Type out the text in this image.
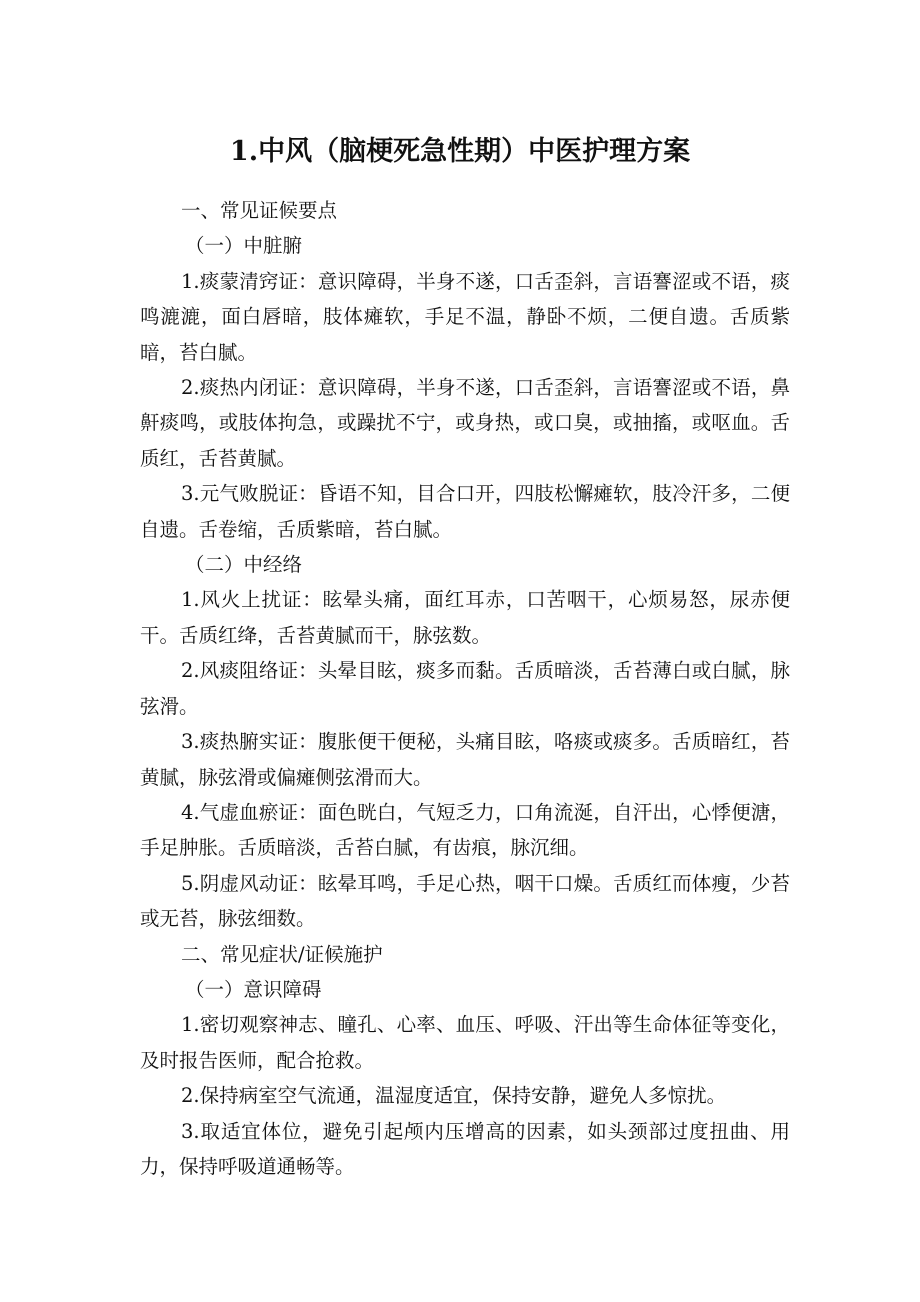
1.中风（脑梗死急性期）中医护理方案

一、常见证候要点

（一）中脏腑

1.痰蒙清窍证：意识障碍，半身不遂，口舌歪斜，言语謇涩或不语，痰鸣漉漉，面白唇暗，肢体瘫软，手足不温，静卧不烦，二便自遗。舌质紫暗，苔白腻。

2.痰热内闭证：意识障碍，半身不遂，口舌歪斜，言语謇涩或不语，鼻鼾痰鸣，或肢体拘急，或躁扰不宁，或身热，或口臭，或抽搐，或呕血。舌质红，舌苔黄腻。

3.元气败脱证：昏语不知，目合口开，四肢松懈瘫软，肢冷汗多，二便自遗。舌卷缩，舌质紫暗，苔白腻。

（二）中经络

1.风火上扰证：眩晕头痛，面红耳赤，口苦咽干，心烦易怒，尿赤便干。舌质红绛，舌苔黄腻而干，脉弦数。

2.风痰阻络证：头晕目眩，痰多而黏。舌质暗淡，舌苔薄白或白腻，脉弦滑。

3.痰热腑实证：腹胀便干便秘，头痛目眩，咯痰或痰多。舌质暗红，苔黄腻，脉弦滑或偏瘫侧弦滑而大。

4.气虚血瘀证：面色晄白，气短乏力，口角流涎，自汗出，心悸便溏，手足肿胀。舌质暗淡，舌苔白腻，有齿痕，脉沉细。

5.阴虚风动证：眩晕耳鸣，手足心热，咽干口燥。舌质红而体瘦，少苔或无苔，脉弦细数。

二、常见症状/证候施护

（一）意识障碍

1.密切观察神志、瞳孔、心率、血压、呼吸、汗出等生命体征等变化，及时报告医师，配合抢救。

2.保持病室空气流通，温湿度适宜，保持安静，避免人多惊扰。

3.取适宜体位，避免引起颅内压增高的因素，如头颈部过度扭曲、用力，保持呼吸道通畅等。
